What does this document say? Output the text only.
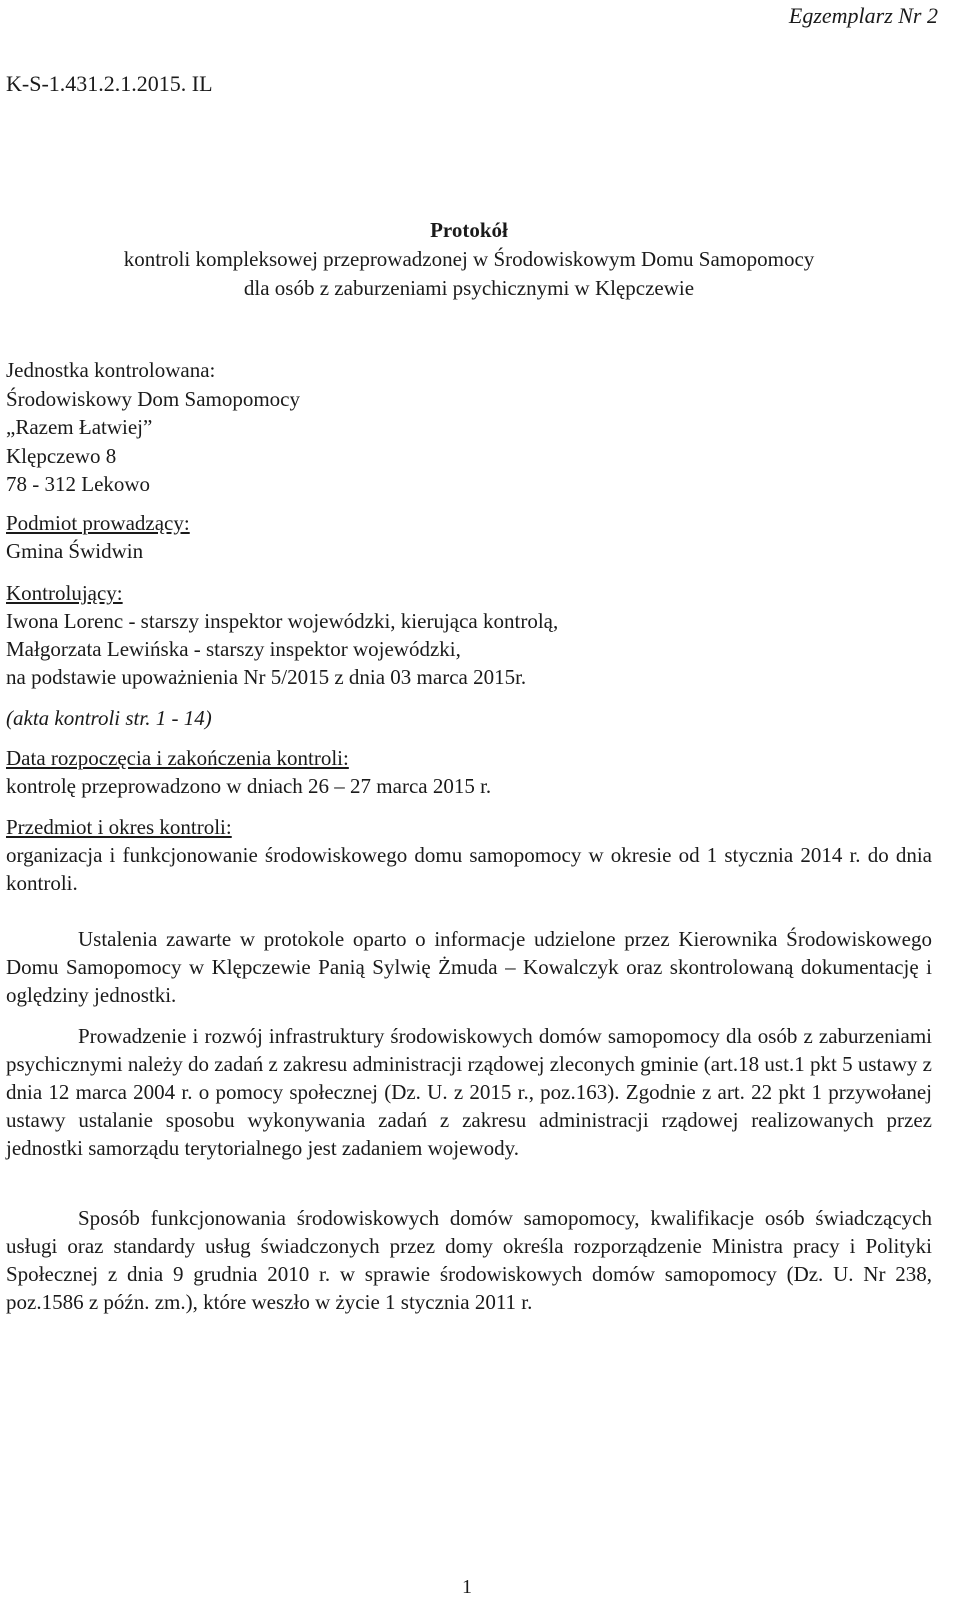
Egzemplarz Nr 2
K-S-1.431.2.1.2015. IL
Protokół
kontroli kompleksowej przeprowadzonej w Środowiskowym Domu Samopomocy
dla osób z zaburzeniami psychicznymi w Klępczewie
Jednostka kontrolowana:
Środowiskowy Dom Samopomocy
„Razem Łatwiej”
Klępczewo 8
78 - 312 Lekowo
Podmiot prowadzący:
Gmina Świdwin
Kontrolujący:
Iwona Lorenc - starszy inspektor wojewódzki, kierująca kontrolą,
Małgorzata Lewińska - starszy inspektor wojewódzki,
na podstawie upoważnienia Nr 5/2015 z dnia 03 marca 2015r.
(akta kontroli str. 1 - 14)
Data rozpoczęcia i zakończenia kontroli:
kontrolę przeprowadzono w dniach 26 – 27 marca 2015 r.
Przedmiot i okres kontroli:
organizacja i funkcjonowanie środowiskowego domu samopomocy w okresie od 1 stycznia 2014 r. do dnia kontroli.

Ustalenia zawarte w protokole oparto o informacje udzielone przez Kierownika Środowiskowego Domu Samopomocy w Klępczewie Panią Sylwię Żmuda – Kowalczyk oraz skontrolowaną dokumentację i oględziny jednostki.

Prowadzenie i rozwój infrastruktury środowiskowych domów samopomocy dla osób z zaburzeniami psychicznymi należy do zadań z zakresu administracji rządowej zleconych gminie (art.18 ust.1 pkt 5 ustawy z dnia 12 marca 2004 r. o pomocy społecznej (Dz. U. z 2015 r., poz.163). Zgodnie z art. 22 pkt 1 przywołanej ustawy ustalanie sposobu wykonywania zadań z zakresu administracji rządowej realizowanych przez jednostki samorządu terytorialnego jest zadaniem wojewody.

Sposób funkcjonowania środowiskowych domów samopomocy, kwalifikacje osób świadczących usługi oraz standardy usług świadczonych przez domy określa rozporządzenie Ministra pracy i Polityki Społecznej z dnia 9 grudnia 2010 r. w sprawie środowiskowych domów samopomocy (Dz. U. Nr 238, poz.1586 z późn. zm.), które weszło w życie 1 stycznia 2011 r.

1
